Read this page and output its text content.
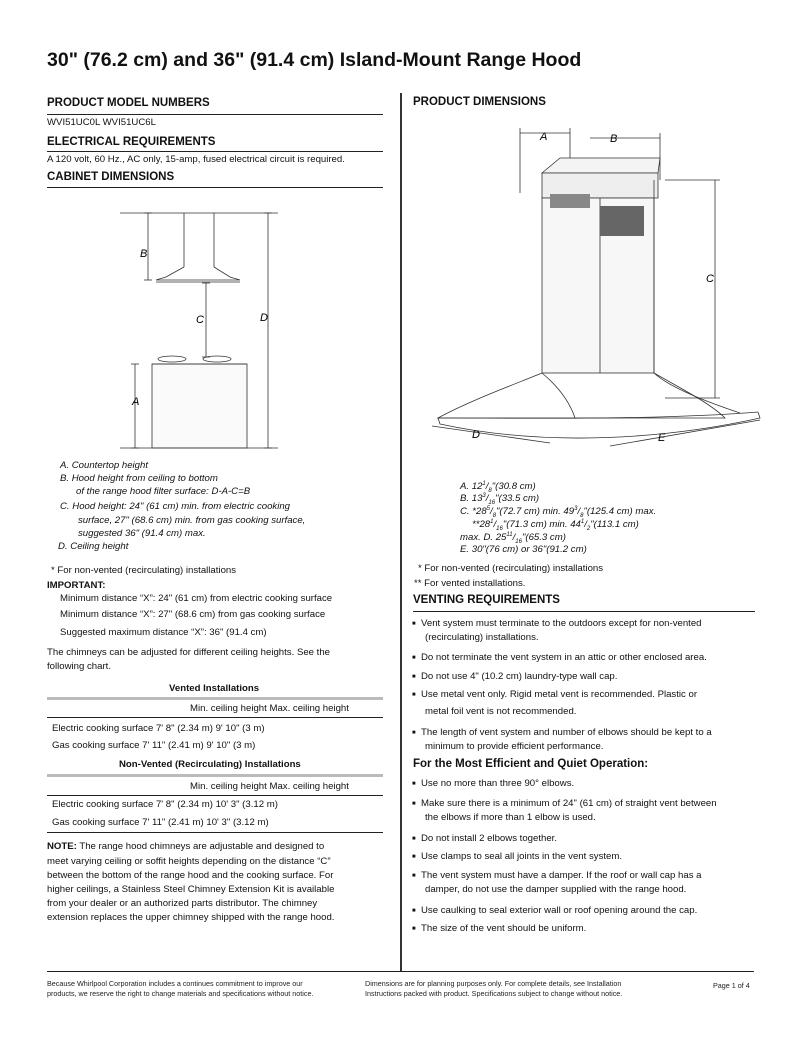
30" (76.2 cm) and 36" (91.4 cm) Island-Mount Range Hood
PRODUCT MODEL NUMBERS
WVI51UC0L WVI51UC6L
ELECTRICAL REQUIREMENTS
A 120 volt, 60 Hz., AC only, 15-amp, fused electrical circuit is required.
CABINET DIMENSIONS
B
C	D
A
A. Countertop height
B. Hood height from ceiling to bottom
of the range hood filter surface: D-A-C=B
C. Hood height: 24" (61 cm) min. from electric cooking
surface, 27" (68.6 cm) min. from gas cooking surface,
suggested 36" (91.4 cm) max.
D. Ceiling height
* For non-vented (recirculating) installations
IMPORTANT:
Minimum distance “X”: 24" (61 cm) from electric cooking surface
Minimum distance “X”: 27" (68.6 cm) from gas cooking surface
Suggested maximum distance “X”: 36" (91.4 cm)
The chimneys can be adjusted for different ceiling heights. See the
following chart.
Vented Installations
Min. ceiling height Max. ceiling height
Electric cooking surface 7' 8" (2.34 m) 9' 10" (3 m)
Gas cooking surface 7' 11" (2.41 m) 9' 10" (3 m)
Non-Vented (Recirculating) Installations
Min. ceiling height Max. ceiling height
Electric cooking surface 7' 8" (2.34 m) 10' 3" (3.12 m)
Gas cooking surface 7' 11" (2.41 m) 10' 3" (3.12 m)
NOTE: The range hood chimneys are adjustable and designed to
meet varying ceiling or soffit heights depending on the distance “C”
between the bottom of the range hood and the cooking surface. For
higher ceilings, a Stainless Steel Chimney Extension Kit is available
from your dealer or an authorized parts distributor. The chimney
extension replaces the upper chimney shipped with the range hood.
PRODUCT DIMENSIONS
A	B
C
D	E
A. $12^1/_8"(30.8$ cm)
B. $13^3/_{16}"(33.5$ cm)
C. $*28^5/_8"(72.7$ cm) min. $49^3/_8"(125.4$ cm) max.
$**28^1/_{16}"(71.3$ cm) min. $44^1/_2"(113.1$ cm)
max. D. $25^{11}/_{16}"(65.3$ cm)
E. 30"(76 cm) or 36"(91.2 cm)
* For non-vented (recirculating) installations
** For vented installations.
VENTING REQUIREMENTS
■ Vent system must terminate to the outdoors except for non-vented
(recirculating) installations.
■ Do not terminate the vent system in an attic or other enclosed area.
■ Do not use 4" (10.2 cm) laundry-type wall cap.
■ Use metal vent only. Rigid metal vent is recommended. Plastic or
metal foil vent is not recommended.
■ The length of vent system and number of elbows should be kept to a
minimum to provide efficient performance.
For the Most Efficient and Quiet Operation:
■ Use no more than three 90° elbows.
■ Make sure there is a minimum of 24" (61 cm) of straight vent between
the elbows if more than 1 elbow is used.
■ Do not install 2 elbows together.
■ Use clamps to seal all joints in the vent system.
■ The vent system must have a damper. If the roof or wall cap has a
damper, do not use the damper supplied with the range hood.
■ Use caulking to seal exterior wall or roof opening around the cap.
■ The size of the vent should be uniform.
Because Whirlpool Corporation includes a continues commitment to improve our
products, we reserve the right to change materials and specifications without notice.
Dimensions are for planning purposes only. For complete details, see Installation
Instructions packed with product. Specifications subject to change without notice.
Page 1 of 4
